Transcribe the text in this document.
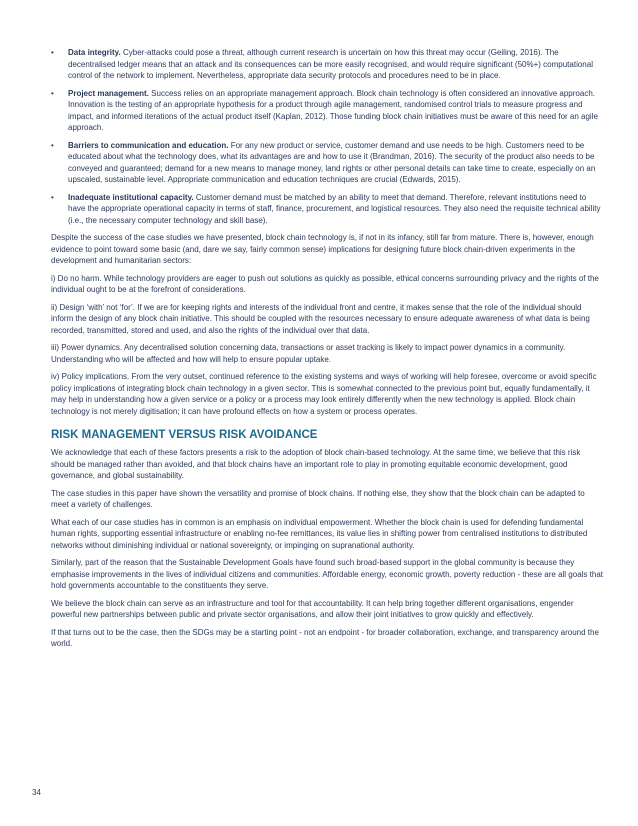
• Data integrity. Cyber-attacks could pose a threat, although current research is uncertain on how this threat may occur (Geiling, 2016). The decentralised ledger means that an attack and its consequences can be more easily recognised, and would require significant (50%+) computational control of the network to implement. Nevertheless, appropriate data security protocols and procedures need to be in place.

• Project management. Success relies on an appropriate management approach. Block chain technology is often considered an innovative approach. Innovation is the testing of an appropriate hypothesis for a product through agile management, randomised control trials to measure progress and impact, and informed iterations of the actual product itself (Kaplan, 2012). Those funding block chain initiatives must be aware of this need for an agile approach.

• Barriers to communication and education. For any new product or service, customer demand and use needs to be high. Customers need to be educated about what the technology does, what its advantages are and how to use it (Brandman, 2016). The security of the product also needs to be conveyed and guaranteed; demand for a new means to manage money, land rights or other personal details can take time to create, especially on an upscaled, sustainable level. Appropriate communication and education techniques are crucial (Edwards, 2015).

• Inadequate institutional capacity. Customer demand must be matched by an ability to meet that demand. Therefore, relevant institutions need to have the appropriate operational capacity in terms of staff, finance, procurement, and logistical resources. They also need the requisite technical ability (i.e., the necessary computer technology and skill base).

Despite the success of the case studies we have presented, block chain technology is, if not in its infancy, still far from mature. There is, however, enough evidence to point toward some basic (and, dare we say, fairly common sense) implications for designing future block chain-driven experiments in the development and humanitarian sectors:

i) Do no harm. While technology providers are eager to push out solutions as quickly as possible, ethical concerns surrounding privacy and the rights of the individual ought to be at the forefront of considerations.

ii) Design ‘with’ not ‘for’. If we are for keeping rights and interests of the individual front and centre, it makes sense that the role of the individual should inform the design of any block chain initiative. This should be coupled with the resources necessary to ensure adequate awareness of what data is being recorded, transmitted, stored and used, and also the rights of the individual over that data.

iii) Power dynamics. Any decentralised solution concerning data, transactions or asset tracking is likely to impact power dynamics in a community. Understanding who will be affected and how will help to ensure popular uptake.

iv) Policy implications. From the very outset, continued reference to the existing systems and ways of working will help foresee, overcome or avoid specific policy implications of integrating block chain technology in a given sector. This is somewhat connected to the previous point but, equally fundamentally, it may help in understanding how a given service or a policy or a process may look entirely differently when the new technology is applied. Block chain technology is not merely digitisation; it can have profound effects on how a system or process operates.

RISK MANAGEMENT VERSUS RISK AVOIDANCE

We acknowledge that each of these factors presents a risk to the adoption of block chain-based technology. At the same time, we believe that this risk should be managed rather than avoided, and that block chains have an important role to play in promoting equitable economic development, good governance, and global sustainability.

The case studies in this paper have shown the versatility and promise of block chains. If nothing else, they show that the block chain can be adapted to meet a variety of challenges.

What each of our case studies has in common is an emphasis on individual empowerment. Whether the block chain is used for defending fundamental human rights, supporting essential infrastructure or enabling no-fee remittances, its value lies in shifting power from centralised institutions to distributed networks without diminishing individual or national sovereignty, or impinging on supranational authority.

Similarly, part of the reason that the Sustainable Development Goals have found such broad-based support in the global community is because they emphasise improvements in the lives of individual citizens and communities. Affordable energy, economic growth, poverty reduction - these are all goals that hold governments accountable to the constituents they serve.

We believe the block chain can serve as an infrastructure and tool for that accountability. It can help bring together different organisations, engender powerful new partnerships between public and private sector organisations, and allow their joint initiatives to grow quickly and effectively.

If that turns out to be the case, then the SDGs may be a starting point - not an endpoint - for broader collaboration, exchange, and transparency around the world.

34
